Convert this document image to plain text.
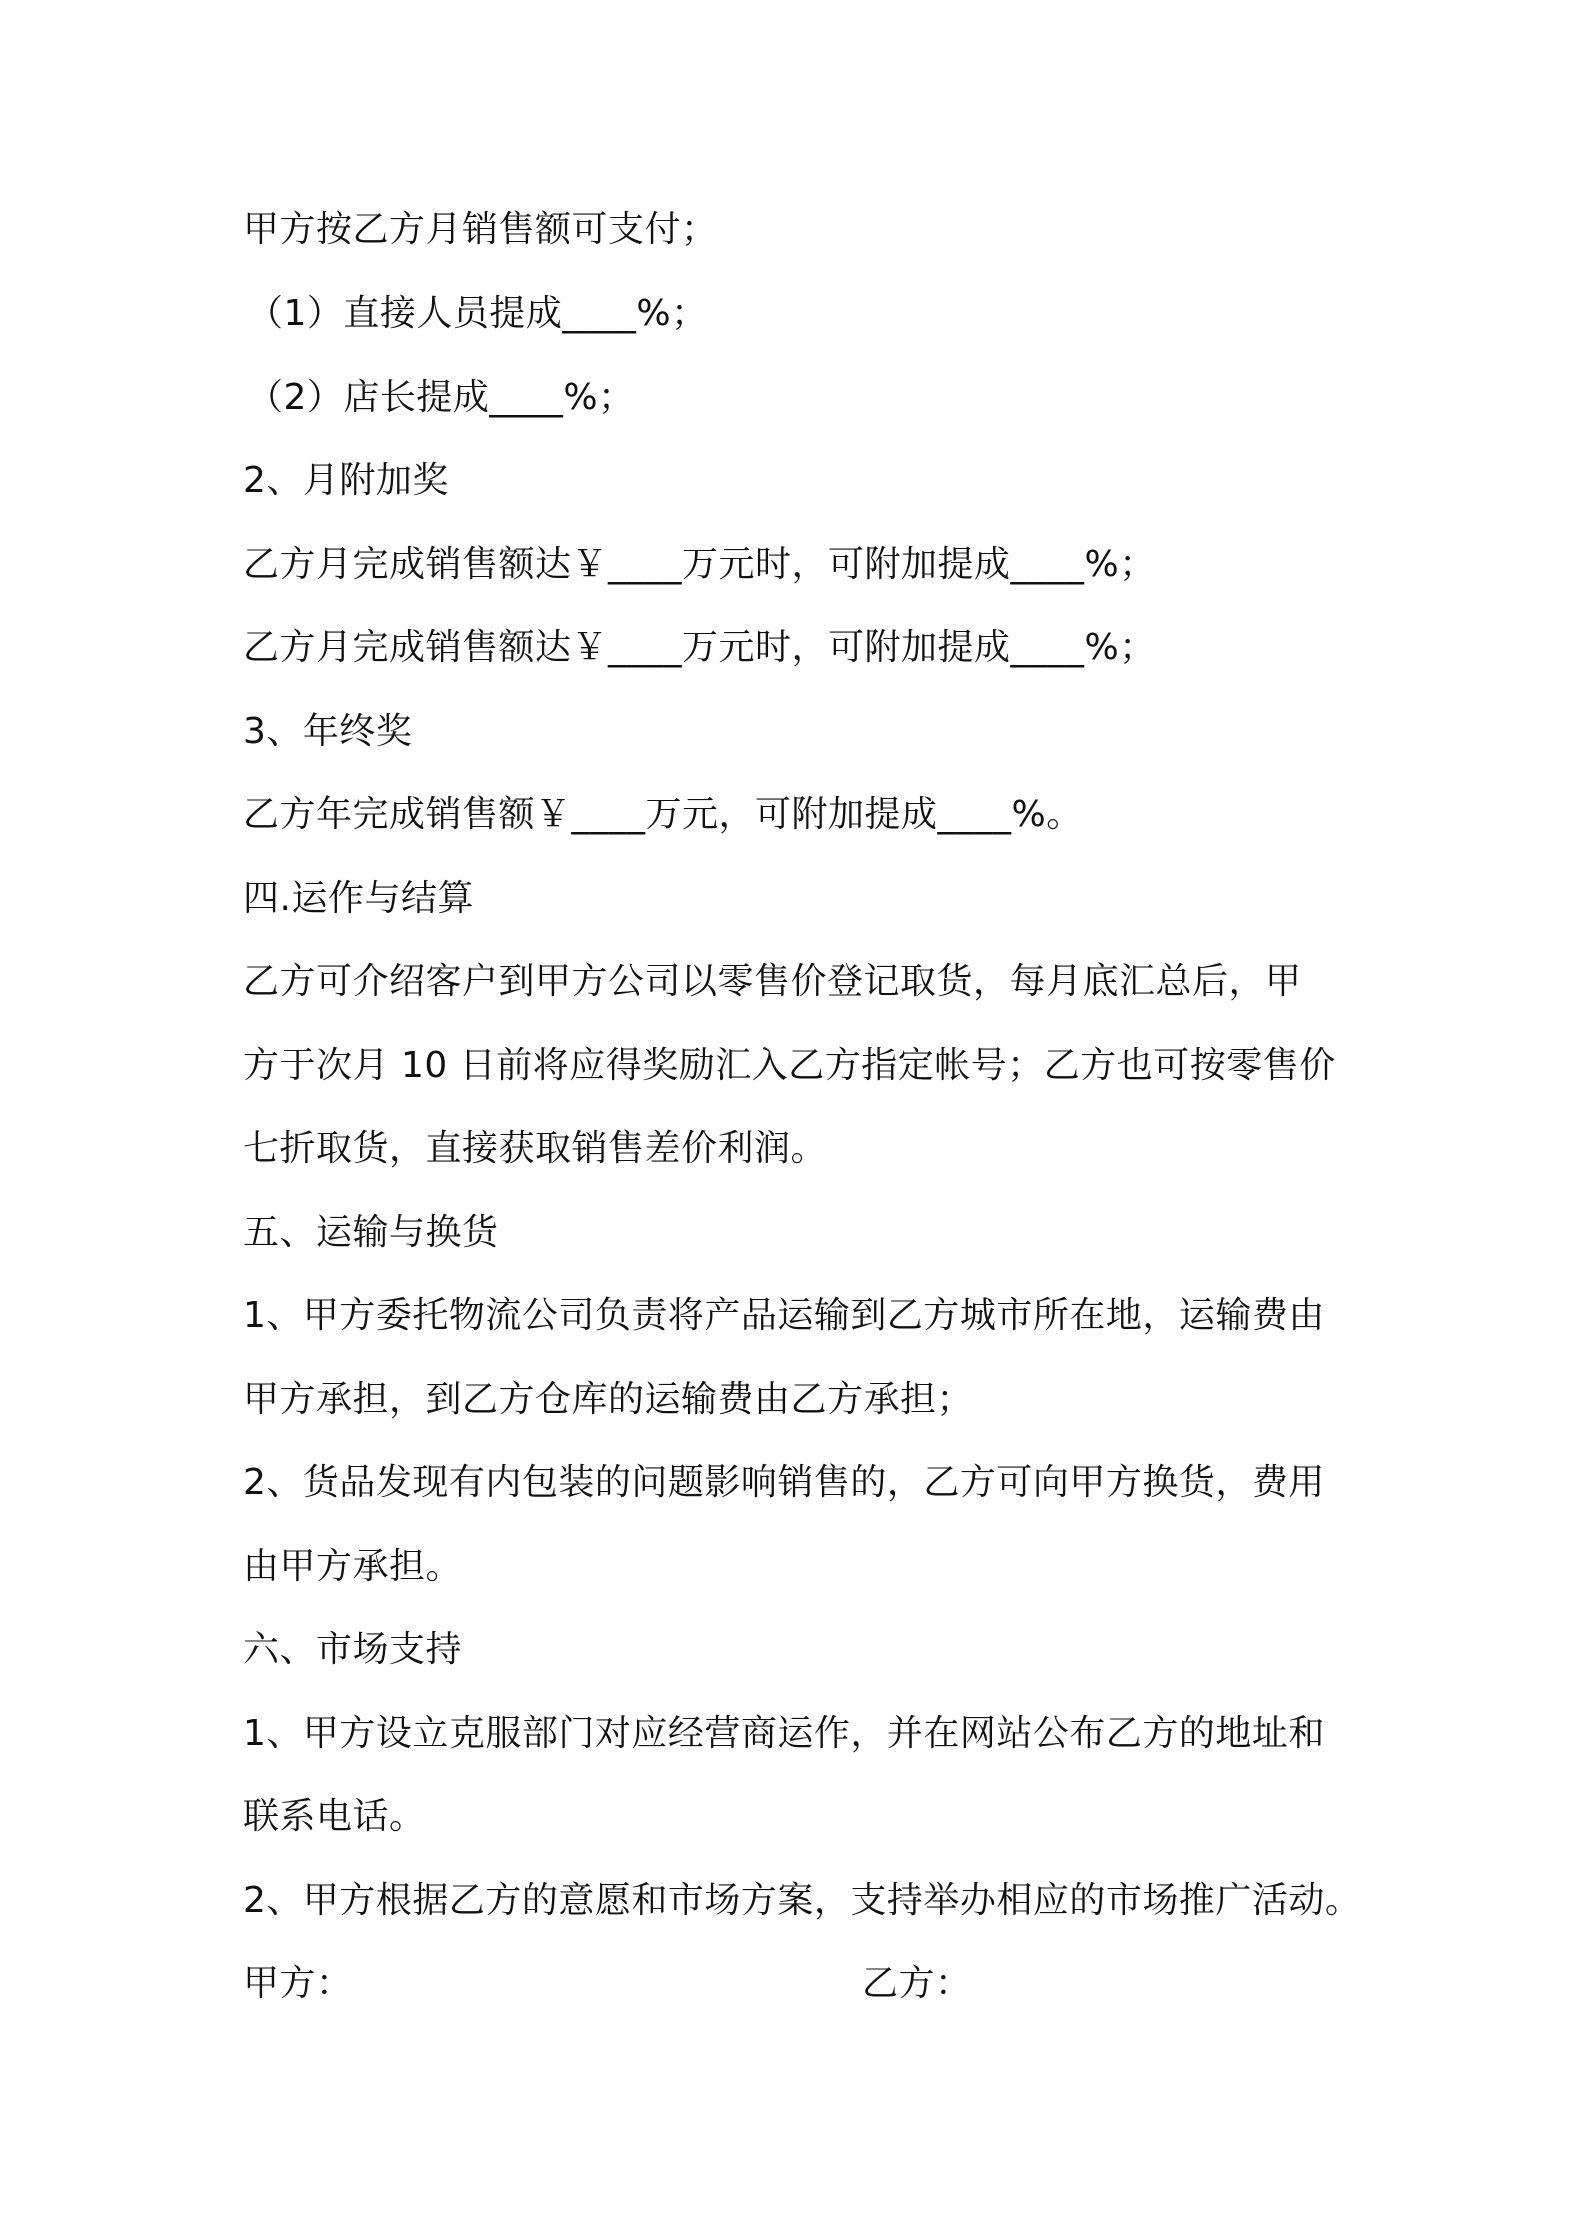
甲方按乙方月销售额可支付；
（1）直接人员提成____%；
（2）店长提成____%；
2、月附加奖
乙方月完成销售额达￥____万元时，可附加提成____%；
乙方月完成销售额达￥____万元时，可附加提成____%；
3、年终奖
乙方年完成销售额￥____万元，可附加提成____%。
四.运作与结算
乙方可介绍客户到甲方公司以零售价登记取货，每月底汇总后，甲
方于次月 10 日前将应得奖励汇入乙方指定帐号；乙方也可按零售价
七折取货，直接获取销售差价利润。
五、运输与换货
1、甲方委托物流公司负责将产品运输到乙方城市所在地，运输费由
甲方承担，到乙方仓库的运输费由乙方承担；
2、货品发现有内包装的问题影响销售的，乙方可向甲方换货，费用
由甲方承担。
六、市场支持
1、甲方设立克服部门对应经营商运作，并在网站公布乙方的地址和
联系电话。
2、甲方根据乙方的意愿和市场方案，支持举办相应的市场推广活动。
甲方：	乙方：
